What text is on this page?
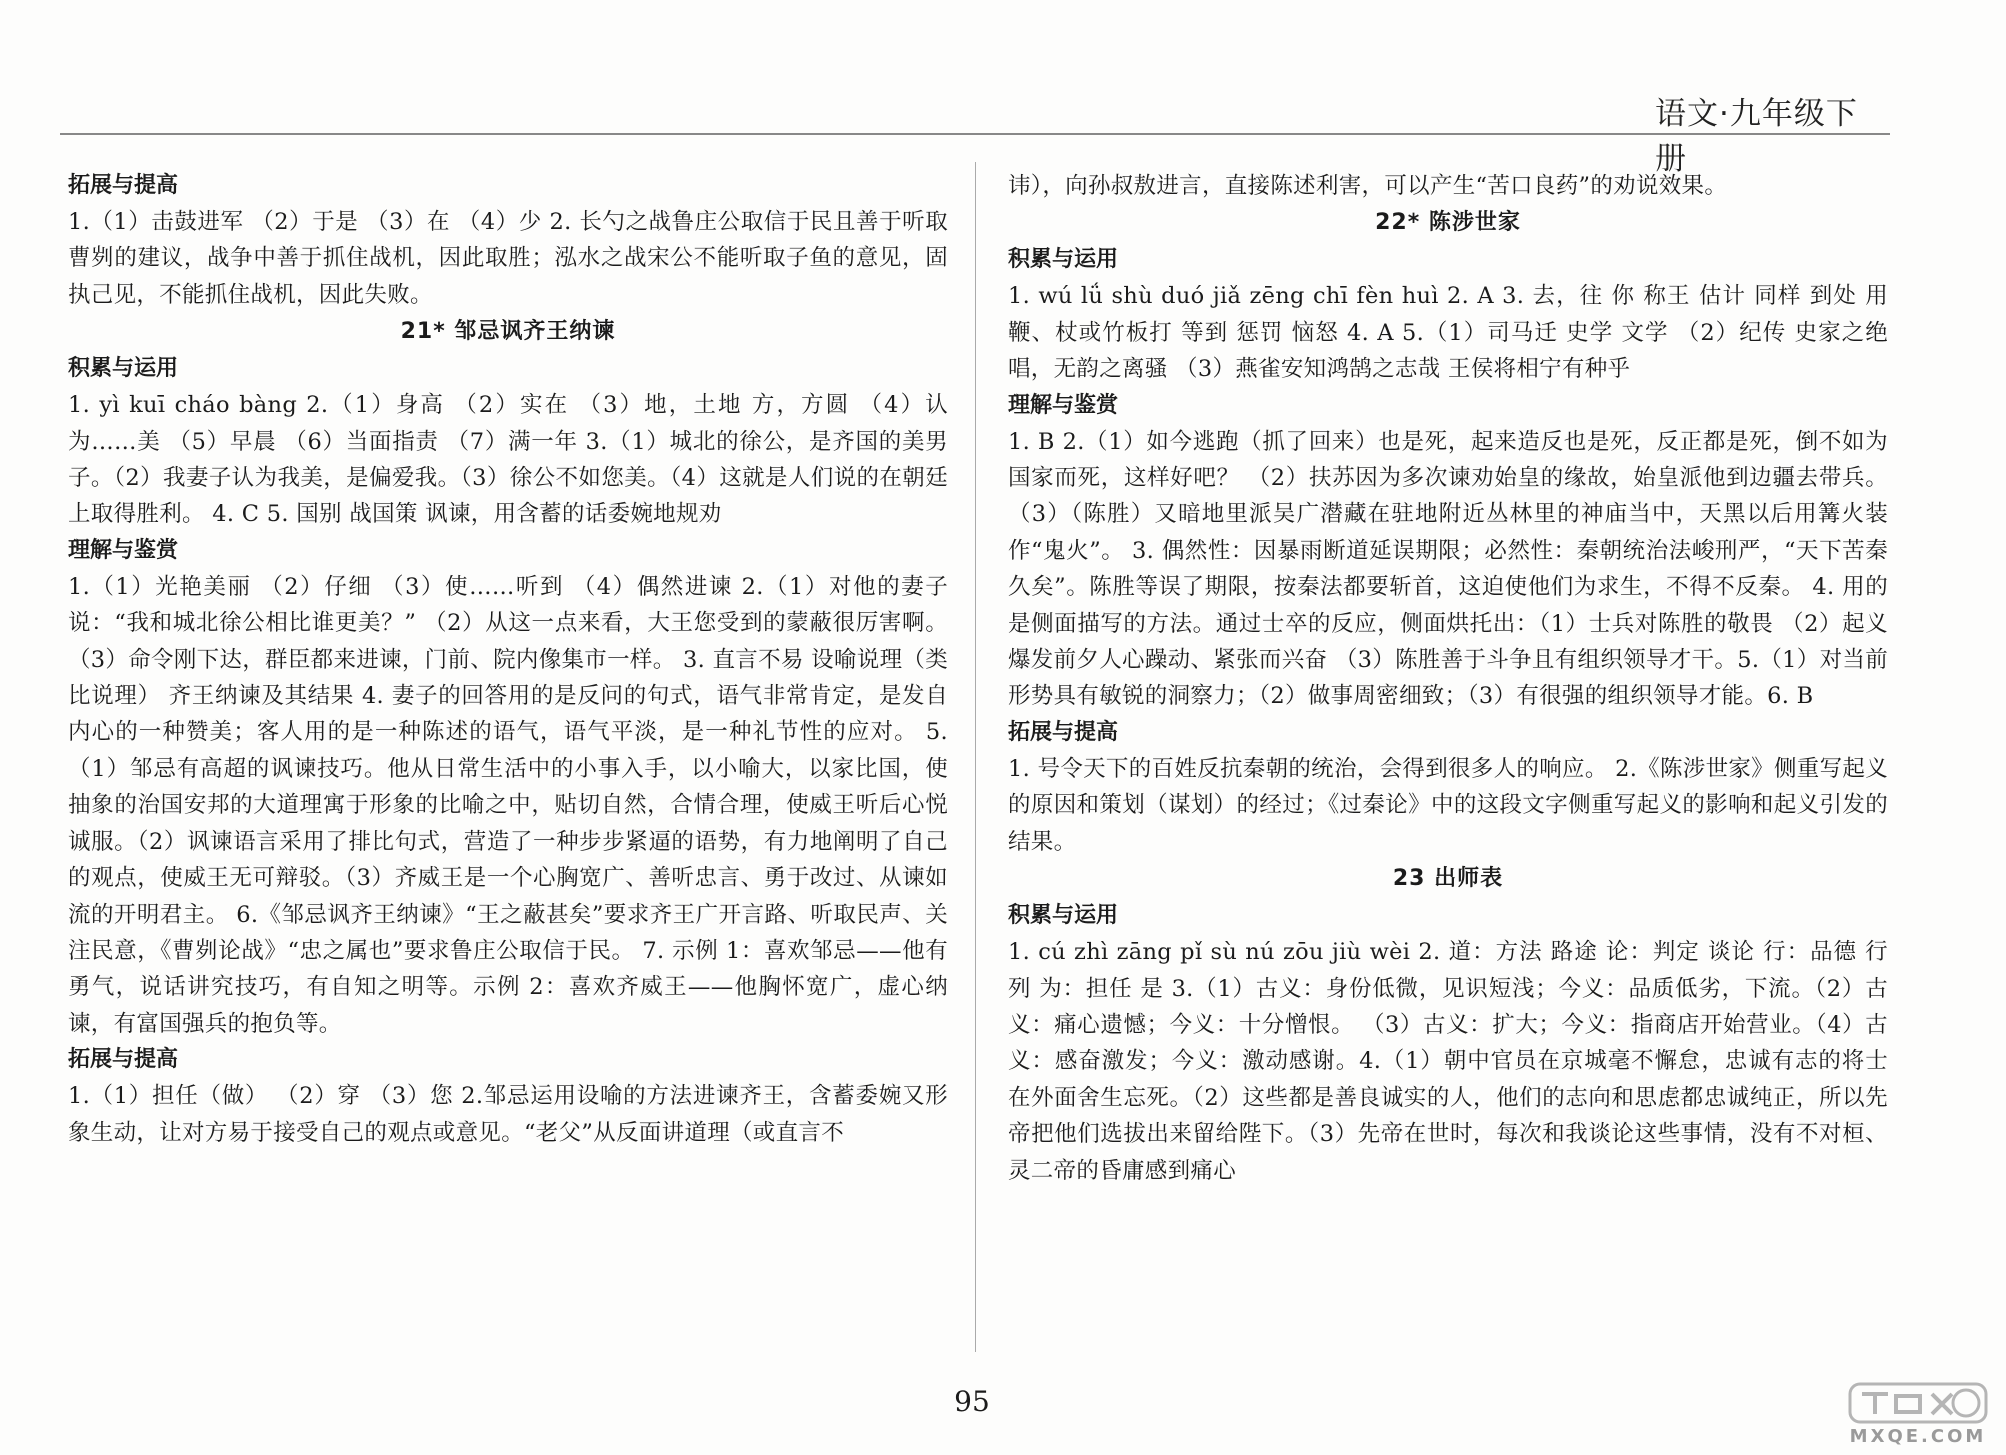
语文·九年级下册

拓展与提高

1.（1）击鼓进军 （2）于是 （3）在 （4）少 2. 长勺之战鲁庄公取信于民且善于听取曹刿的建议，战争中善于抓住战机，因此取胜；泓水之战宋公不能听取子鱼的意见，固执己见，不能抓住战机，因此失败。

21* 邹忌讽齐王纳谏

积累与运用

1. yì kuī cháo bàng 2.（1）身高 （2）实在 （3）地，土地 方，方圆 （4）认为……美 （5）早晨 （6）当面指责 （7）满一年 3.（1）城北的徐公，是齐国的美男子。（2）我妻子认为我美，是偏爱我。（3）徐公不如您美。（4）这就是人们说的在朝廷上取得胜利。 4. C 5. 国别 战国策 讽谏，用含蓄的话委婉地规劝

理解与鉴赏

1.（1）光艳美丽 （2）仔细 （3）使……听到 （4）偶然进谏 2.（1）对他的妻子说：“我和城北徐公相比谁更美？” （2）从这一点来看，大王您受到的蒙蔽很厉害啊。（3）命令刚下达，群臣都来进谏，门前、院内像集市一样。 3. 直言不易 设喻说理（类比说理） 齐王纳谏及其结果 4. 妻子的回答用的是反问的句式，语气非常肯定，是发自内心的一种赞美；客人用的是一种陈述的语气，语气平淡，是一种礼节性的应对。 5.（1）邹忌有高超的讽谏技巧。他从日常生活中的小事入手，以小喻大，以家比国，使抽象的治国安邦的大道理寓于形象的比喻之中，贴切自然，合情合理，使威王听后心悦诚服。（2）讽谏语言采用了排比句式，营造了一种步步紧逼的语势，有力地阐明了自己的观点，使威王无可辩驳。（3）齐威王是一个心胸宽广、善听忠言、勇于改过、从谏如流的开明君主。 6.《邹忌讽齐王纳谏》“王之蔽甚矣”要求齐王广开言路、听取民声、关注民意，《曹刿论战》“忠之属也”要求鲁庄公取信于民。 7. 示例 1：喜欢邹忌——他有勇气，说话讲究技巧，有自知之明等。示例 2：喜欢齐威王——他胸怀宽广，虚心纳谏，有富国强兵的抱负等。

拓展与提高

1.（1）担任（做） （2）穿 （3）您 2.邹忌运用设喻的方法进谏齐王，含蓄委婉又形象生动，让对方易于接受自己的观点或意见。“老父”从反面讲道理（或直言不

讳），向孙叔敖进言，直接陈述利害，可以产生“苦口良药”的劝说效果。

22* 陈涉世家

积累与运用

1. wú lǘ shù duó jiǎ zēng chī fèn huì 2. A 3. 去，往 你 称王 估计 同样 到处 用鞭、杖或竹板打 等到 惩罚 恼怒 4. A 5.（1）司马迁 史学 文学 （2）纪传 史家之绝唱，无韵之离骚 （3）燕雀安知鸿鹄之志哉 王侯将相宁有种乎

理解与鉴赏

1. B 2.（1）如今逃跑（抓了回来）也是死，起来造反也是死，反正都是死，倒不如为国家而死，这样好吧？ （2）扶苏因为多次谏劝始皇的缘故，始皇派他到边疆去带兵。（3）（陈胜）又暗地里派吴广潜藏在驻地附近丛林里的神庙当中，天黑以后用篝火装作“鬼火”。 3. 偶然性：因暴雨断道延误期限；必然性：秦朝统治法峻刑严，“天下苦秦久矣”。陈胜等误了期限，按秦法都要斩首，这迫使他们为求生，不得不反秦。 4. 用的是侧面描写的方法。通过士卒的反应，侧面烘托出：（1）士兵对陈胜的敬畏 （2）起义爆发前夕人心躁动、紧张而兴奋 （3）陈胜善于斗争且有组织领导才干。5.（1）对当前形势具有敏锐的洞察力；（2）做事周密细致；（3）有很强的组织领导才能。6. B

拓展与提高

1. 号令天下的百姓反抗秦朝的统治，会得到很多人的响应。 2.《陈涉世家》侧重写起义的原因和策划（谋划）的经过；《过秦论》中的这段文字侧重写起义的影响和起义引发的结果。

23 出师表

积累与运用

1. cú zhì zāng pǐ sù nú zōu jiù wèi 2. 道：方法 路途 论：判定 谈论 行：品德 行列 为：担任 是 3.（1）古义：身份低微，见识短浅；今义：品质低劣，下流。（2）古义：痛心遗憾；今义：十分憎恨。 （3）古义：扩大；今义：指商店开始营业。（4）古义：感奋激发；今义：激动感谢。4.（1）朝中官员在京城毫不懈怠，忠诚有志的将士在外面舍生忘死。（2）这些都是善良诚实的人，他们的志向和思虑都忠诚纯正，所以先帝把他们选拔出来留给陛下。（3）先帝在世时，每次和我谈论这些事情，没有不对桓、灵二帝的昏庸感到痛心

95
MXQE.COM
